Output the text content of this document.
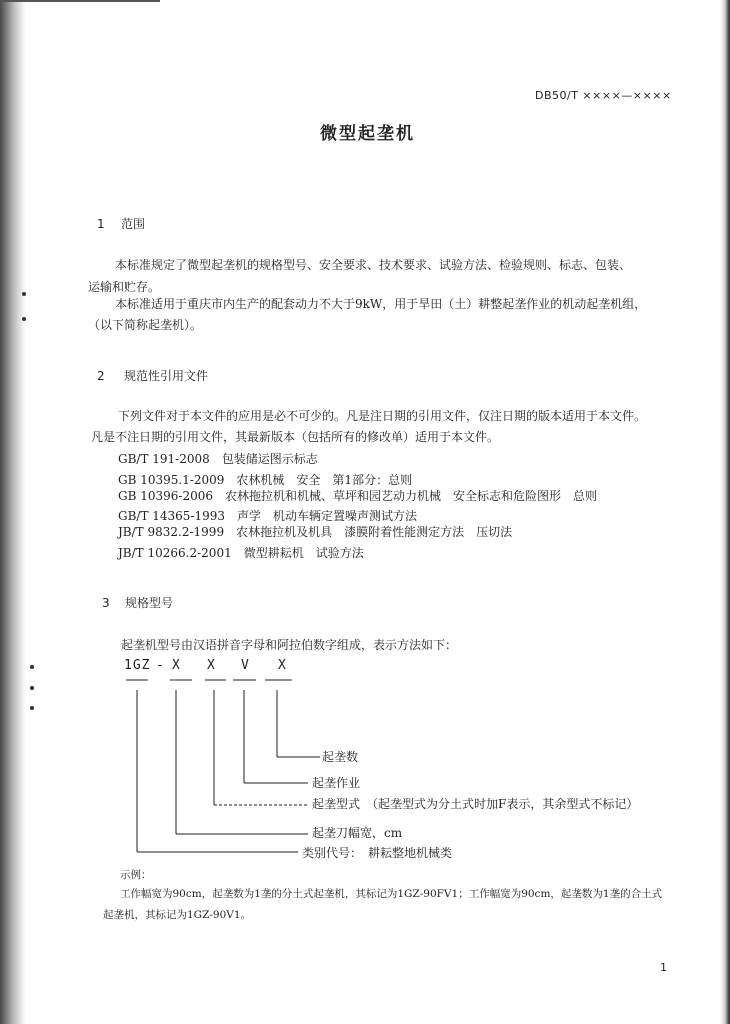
DB50/T ××××—××××
微型起垄机
1 范围
本标准规定了微型起垄机的规格型号、安全要求、技术要求、试验方法、检验规则、标志、包装、
运输和贮存。
本标准适用于重庆市内生产的配套动力不大于9kW，用于旱田（土）耕整起垄作业的机动起垄机组，
（以下简称起垄机）。
2 规范性引用文件
下列文件对于本文件的应用是必不可少的。凡是注日期的引用文件，仅注日期的版本适用于本文件。
凡是不注日期的引用文件，其最新版本（包括所有的修改单）适用于本文件。
GB/T 191-2008　包装储运图示标志
GB 10395.1-2009　农林机械　安全　第1部分：总则
GB 10396-2006　农林拖拉机和机械、草坪和园艺动力机械　安全标志和危险图形　总则
GB/T 14365-1993　声学　机动车辆定置噪声测试方法
JB/T 9832.2-1999　农林拖拉机及机具　漆膜附着性能测定方法　压切法
JB/T 10266.2-2001　微型耕耘机　试验方法
3 规格型号
起垄机型号由汉语拼音字母和阿拉伯数字组成，表示方法如下：
1GZ - X X V X
起垄数
起垄作业
起垄型式　（起垄型式为分土式时加F表示，其余型式不标记）
起垄刀幅宽，cm
类别代号：　耕耘整地机械类
示例：
工作幅宽为90cm，起垄数为1垄的分土式起垄机，其标记为1GZ-90FV1；工作幅宽为90cm，起垄数为1垄的合土式
起垄机，其标记为1GZ-90V1。
1
